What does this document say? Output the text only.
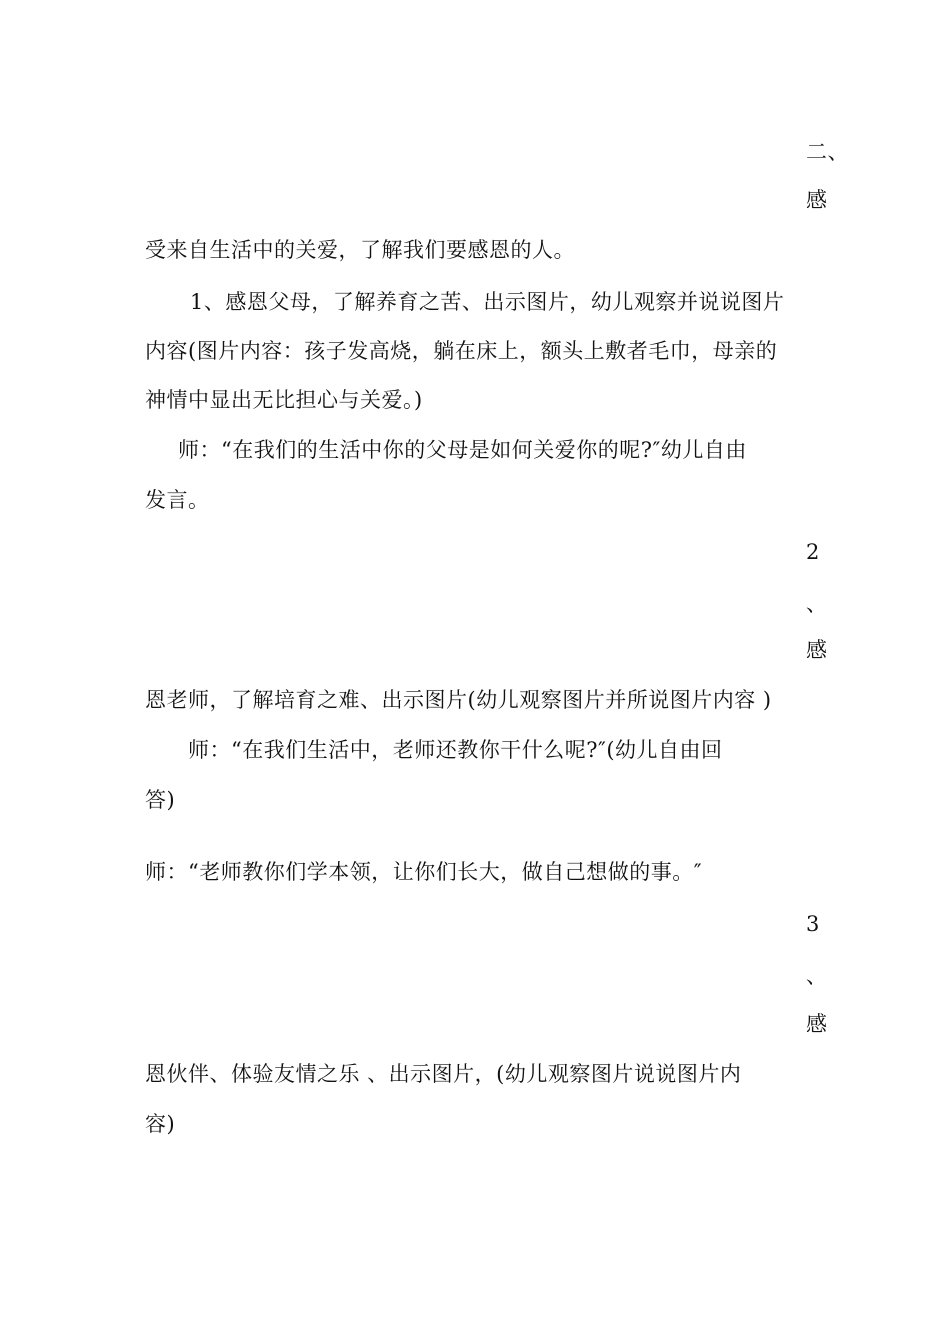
二、
感
受来自生活中的关爱，了解我们要感恩的人。
1、感恩父母，了解养育之苦、出示图片，幼儿观察并说说图片
内容(图片内容：孩子发高烧，躺在床上，额头上敷者毛巾，母亲的
神情中显出无比担心与关爱。)
师：“在我们的生活中你的父母是如何关爱你的呢?″幼儿自由
发言。
2
、
感
恩老师，了解培育之难、出示图片(幼儿观察图片并所说图片内容 )
师：“在我们生活中，老师还教你干什么呢?″(幼儿自由回
答)
师：“老师教你们学本领，让你们长大，做自己想做的事。″
3
、
感
恩伙伴、体验友情之乐 、出示图片，(幼儿观察图片说说图片内
容)
